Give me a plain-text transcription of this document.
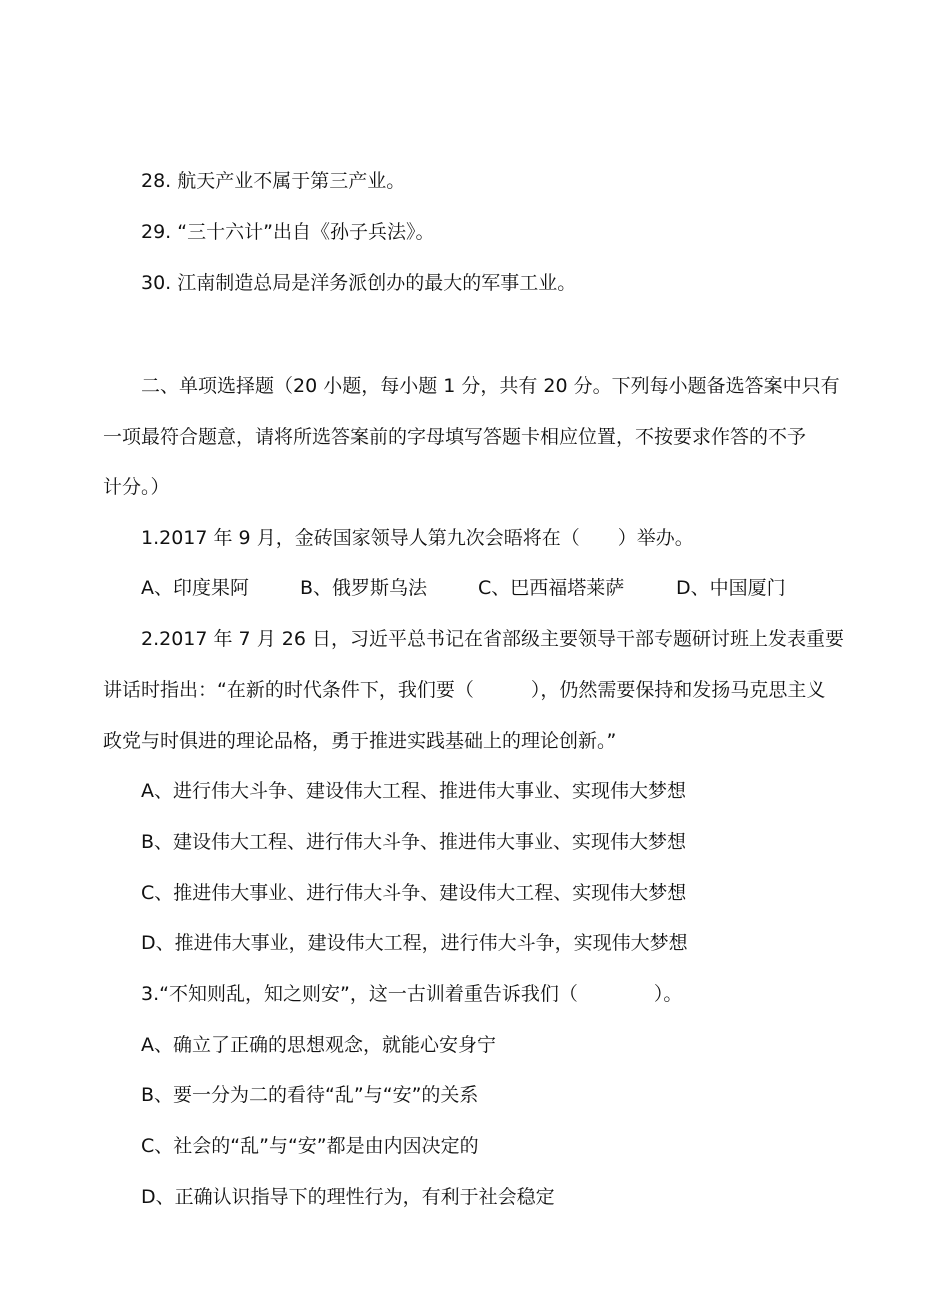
28. 航天产业不属于第三产业。
29. “三十六计”出自《孙子兵法》。
30. 江南制造总局是洋务派创办的最大的军事工业。
二、单项选择题（20 小题，每小题 1 分，共有 20 分。下列每小题备选答案中只有
一项最符合题意，请将所选答案前的字母填写答题卡相应位置，不按要求作答的不予
计分。）
1.2017 年 9 月，金砖国家领导人第九次会晤将在（　　）举办。
A、印度果阿	B、俄罗斯乌法	C、巴西福塔莱萨	D、中国厦门
2.2017 年 7 月 26 日，习近平总书记在省部级主要领导干部专题研讨班上发表重要
讲话时指出：“在新的时代条件下，我们要（　　　），仍然需要保持和发扬马克思主义
政党与时俱进的理论品格，勇于推进实践基础上的理论创新。”
A、进行伟大斗争、建设伟大工程、推进伟大事业、实现伟大梦想
B、建设伟大工程、进行伟大斗争、推进伟大事业、实现伟大梦想
C、推进伟大事业、进行伟大斗争、建设伟大工程、实现伟大梦想
D、推进伟大事业，建设伟大工程，进行伟大斗争，实现伟大梦想
3.“不知则乱，知之则安”，这一古训着重告诉我们（　　　　）。
A、确立了正确的思想观念，就能心安身宁
B、要一分为二的看待“乱”与“安”的关系
C、社会的“乱”与“安”都是由内因决定的
D、正确认识指导下的理性行为，有利于社会稳定
